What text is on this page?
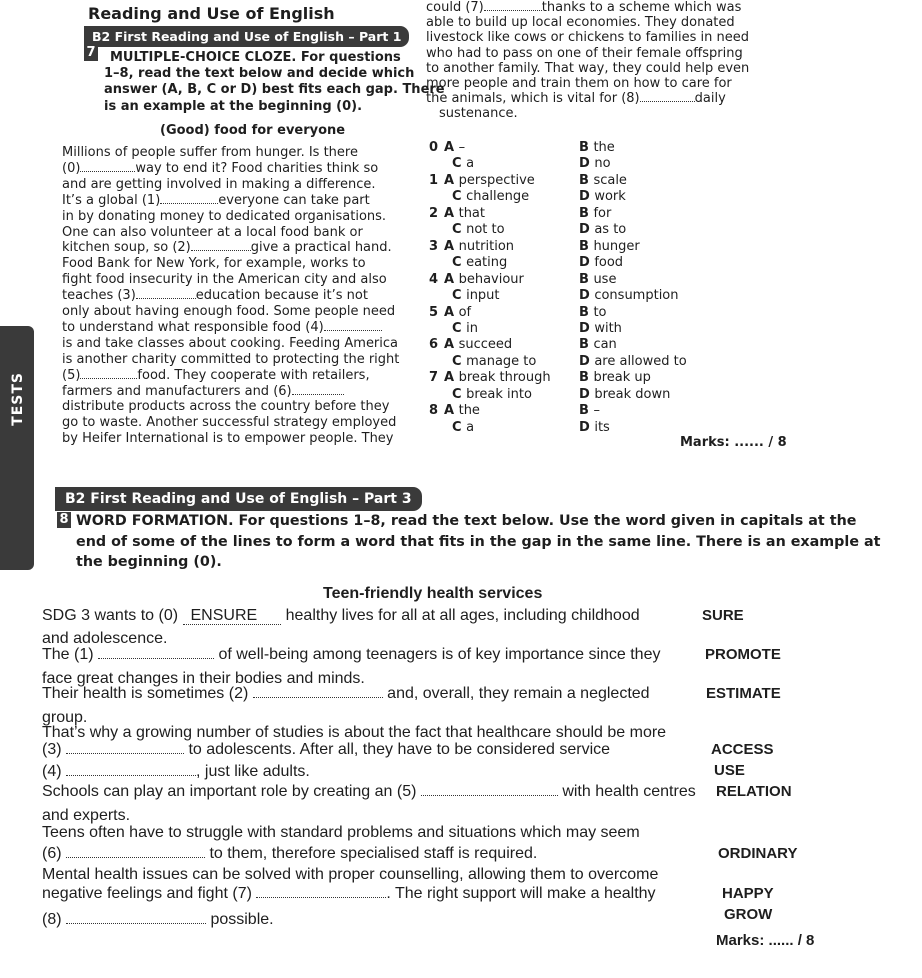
Reading and Use of English
B2 First Reading and Use of English – Part 1
7	MULTIPLE-CHOICE CLOZE. For questions
1–8, read the text below and decide which
answer (A, B, C or D) best fits each gap. There
is an example at the beginning (0).
(Good) food for everyone
Millions of people suffer from hunger. Is there
(0)	way to end it? Food charities think so
and are getting involved in making a difference.
It’s a global (1)	everyone can take part
in by donating money to dedicated organisations.
One can also volunteer at a local food bank or
kitchen soup, so (2)	give a practical hand.
Food Bank for New York, for example, works to
fight food insecurity in the American city and also
teaches (3)	education because it’s not
only about having enough food. Some people need
to understand what responsible food (4)
is and take classes about cooking. Feeding America
is another charity committed to protecting the right
(5)	food. They cooperate with retailers,
farmers and manufacturers and (6)
distribute products across the country before they
go to waste. Another successful strategy employed
by Heifer International is to empower people. They
could (7)	thanks to a scheme which was
able to build up local economies. They donated
livestock like cows or chickens to families in need
who had to pass on one of their female offspring
to another family. That way, they could help even
more people and train them on how to care for
the animals, which is vital for (8)	daily
sustenance.
0 A –	B the
C a	D no
1 A perspective	B scale
C challenge	D work
2 A that	B for
C not to	D as to
3 A nutrition	B hunger
C eating	D food
4 A behaviour	B use
C input	D consumption
5 A of	B to
C in	D with
6 A succeed	B can
C manage to	D are allowed to
7 A break through B break up
C break into	D break down
8 A the	B –
C a	D its
Marks: ...... / 8
TESTS
B2 First Reading and Use of English – Part 3
8 WORD FORMATION. For questions 1–8, read the text below. Use the word given in capitals at the
end of some of the lines to form a word that fits in the gap in the same line. There is an example at
the beginning (0).
Teen-friendly health services
SDG 3 wants to (0) ENSURE healthy lives for all at all ages, including childhood	SURE
and adolescence.
The (1)	of well-being among teenagers is of key importance since they	PROMOTE
face great changes in their bodies and minds.
Their health is sometimes (2)	and, overall, they remain a neglected	ESTIMATE
group.
That’s why a growing number of studies is about the fact that healthcare should be more
(3)	to adolescents. After all, they have to be considered service	ACCESS
(4)	, just like adults.	USE
Schools can play an important role by creating an (5)	with health centres RELATION
and experts.
Teens often have to struggle with standard problems and situations which may seem
(6)	to them, therefore specialised staff is required.	ORDINARY
Mental health issues can be solved with proper counselling, allowing them to overcome
negative feelings and fight (7)	. The right support will make a healthy	HAPPY
(8)	possible.	GROW
Marks: ...... / 8
